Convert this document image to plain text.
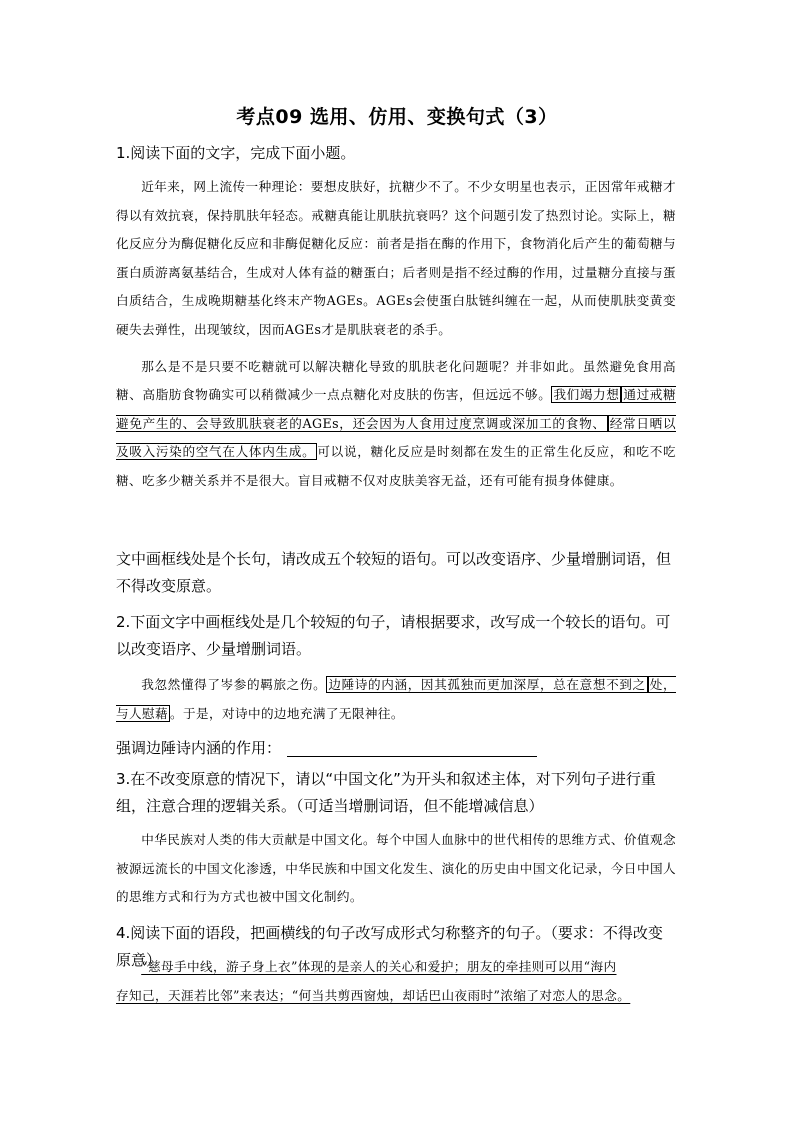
考点09 选用、仿用、变换句式（3）
1.阅读下面的文字，完成下面小题。

近年来，网上流传一种理论：要想皮肤好，抗糖少不了。不少女明星也表示，正因常年戒糖才得以有效抗衰，保持肌肤年轻态。戒糖真能让肌肤抗衰吗？这个问题引发了热烈讨论。实际上，糖化反应分为酶促糖化反应和非酶促糖化反应：前者是指在酶的作用下，食物消化后产生的葡萄糖与蛋白质游离氨基结合，生成对人体有益的糖蛋白；后者则是指不经过酶的作用，过量糖分直接与蛋白质结合，生成晚期糖基化终末产物AGEs。AGEs会使蛋白肽链纠缠在一起，从而使肌肤变黄变硬失去弹性，出现皱纹，因而AGEs才是肌肤衰老的杀手。

那么是不是只要不吃糖就可以解决糖化导致的肌肤老化问题呢？并非如此。虽然避免食用高糖、高脂肪食物确实可以稍微减少一点点糖化对皮肤的伤害，但远远不够。 我们竭力想 通过戒糖避免产生的、会导致肌肤衰老的AGEs，还会因为人食用过度烹调或深加工的食物、 经常日晒以及吸入污染的空气在人体内生成。 可以说，糖化反应是时刻都在发生的正常生化反应，和吃不吃糖、吃多少糖关系并不是很大。盲目戒糖不仅对皮肤美容无益，还有可能有损身体健康。

文中画框线处是个长句，请改成五个较短的语句。可以改变语序、少量增删词语，但不得改变原意。
2.下面文字中画框线处是几个较短的句子，请根据要求，改写成一个较长的语句。可以改变语序、少量增删词语。

我忽然懂得了岑参的羁旅之伤。 边陲诗的内涵，因其孤独而更加深厚，总在意想不到之 处，与人慰藉 。于是，对诗中的边地充满了无限神往。

强调边陲诗内涵的作用：
3.在不改变原意的情况下，请以“中国文化”为开头和叙述主体，对下列句子进行重组，注意合理的逻辑关系。（可适当增删词语，但不能增减信息）

中华民族对人类的伟大贡献是中国文化。每个中国人血脉中的世代相传的思维方式、价值观念被源远流长的中国文化渗透，中华民族和中国文化发生、演化的历史由中国文化记录，今日中国人的思维方式和行为方式也被中国文化制约。

4.阅读下面的语段，把画横线的句子改写成形式匀称整齐的句子。（要求：不得改变原意）

“慈母手中线，游子身上衣”体现的是亲人的关心和爱护；朋友的牵挂则可以用“海内

存知己，天涯若比邻”来表达；“何当共剪西窗烛，却话巴山夜雨时”浓缩了对恋人的思念。
